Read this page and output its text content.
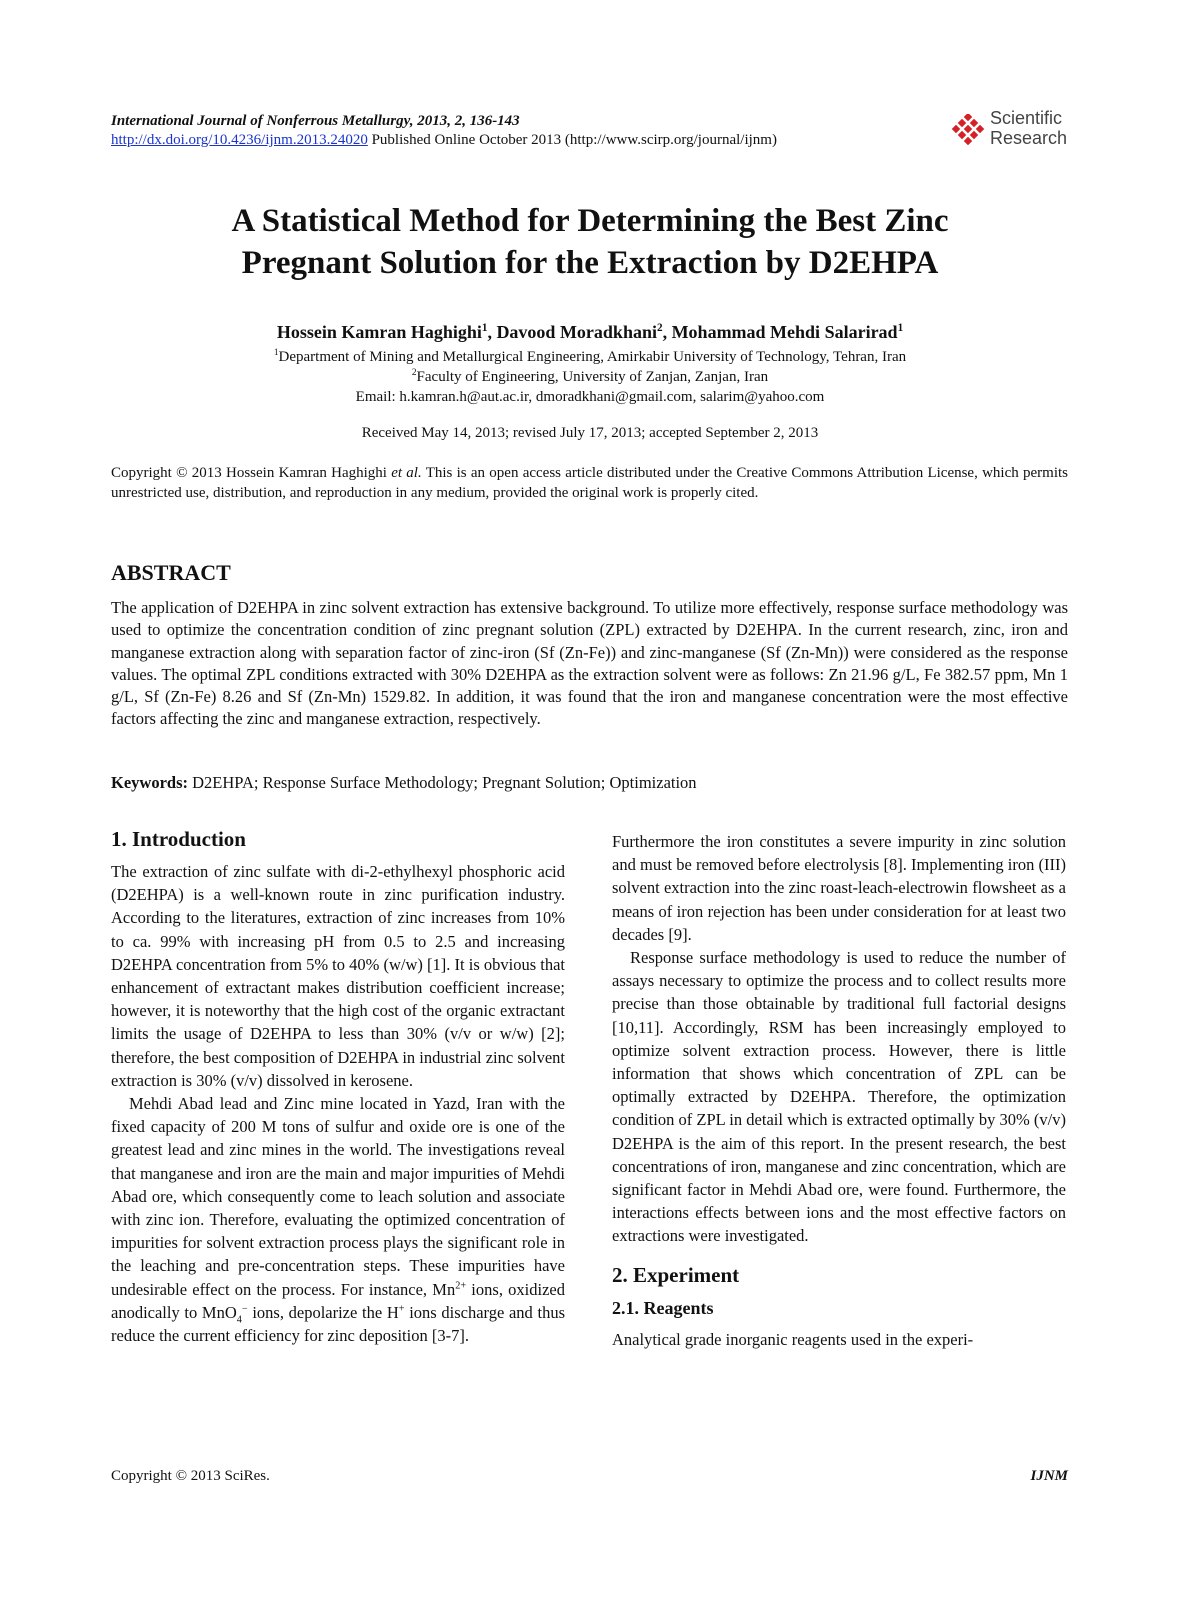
International Journal of Nonferrous Metallurgy, 2013, 2, 136-143
http://dx.doi.org/10.4236/ijnm.2013.24020 Published Online October 2013 (http://www.scirp.org/journal/ijnm)
Scientific
Research
A Statistical Method for Determining the Best Zinc
Pregnant Solution for the Extraction by D2EHPA
Hossein Kamran Haghighi$^1$, Davood Moradkhani$^2$, Mohammad Mehdi Salarirad$^1$
$^1$Department of Mining and Metallurgical Engineering, Amirkabir University of Technology, Tehran, Iran
$^2$Faculty of Engineering, University of Zanjan, Zanjan, Iran
Email: h.kamran.h@aut.ac.ir, dmoradkhani@gmail.com, salarim@yahoo.com
Received May 14, 2013; revised July 17, 2013; accepted September 2, 2013
Copyright © 2013 Hossein Kamran Haghighi et al. This is an open access article distributed under the Creative Commons Attribution License, which permits unrestricted use, distribution, and reproduction in any medium, provided the original work is properly cited.
ABSTRACT
The application of D2EHPA in zinc solvent extraction has extensive background. To utilize more effectively, response surface methodology was used to optimize the concentration condition of zinc pregnant solution (ZPL) extracted by D2EHPA. In the current research, zinc, iron and manganese extraction along with separation factor of zinc-iron (Sf (Zn-Fe)) and zinc-manganese (Sf (Zn-Mn)) were considered as the response values. The optimal ZPL conditions extracted with 30% D2EHPA as the extraction solvent were as follows: Zn 21.96 g/L, Fe 382.57 ppm, Mn 1 g/L, Sf (Zn-Fe) 8.26 and Sf (Zn-Mn) 1529.82. In addition, it was found that the iron and manganese concentration were the most effective factors affecting the zinc and manganese extraction, respectively.
Keywords: D2EHPA; Response Surface Methodology; Pregnant Solution; Optimization
1. Introduction

The extraction of zinc sulfate with di-2-ethylhexyl phosphoric acid (D2EHPA) is a well-known route in zinc purification industry. According to the literatures, extraction of zinc increases from 10% to ca. 99% with increasing pH from 0.5 to 2.5 and increasing D2EHPA concentration from 5% to 40% (w/w) [1]. It is obvious that enhancement of extractant makes distribution coefficient increase; however, it is noteworthy that the high cost of the organic extractant limits the usage of D2EHPA to less than 30% (v/v or w/w) [2]; therefore, the best composition of D2EHPA in industrial zinc solvent extraction is 30% (v/v) dissolved in kerosene.

Mehdi Abad lead and Zinc mine located in Yazd, Iran with the fixed capacity of 200 M tons of sulfur and oxide ore is one of the greatest lead and zinc mines in the world. The investigations reveal that manganese and iron are the main and major impurities of Mehdi Abad ore, which consequently come to leach solution and associate with zinc ion. Therefore, evaluating the optimized concentration of impurities for solvent extraction process plays the significant role in the leaching and pre-concentration steps. These impurities have undesirable effect on the process. For instance, $Mn^{2+}$ ions, oxidized anodically to MnO$_4$− ions, depolarize the H+ ions discharge and thus reduce the current efficiency for zinc deposition [3-7].

Furthermore the iron constitutes a severe impurity in zinc solution and must be removed before electrolysis [8]. Implementing iron (III) solvent extraction into the zinc roast-leach-electrowin flowsheet as a means of iron rejection has been under consideration for at least two decades [9].

Response surface methodology is used to reduce the number of assays necessary to optimize the process and to collect results more precise than those obtainable by traditional full factorial designs [10,11]. Accordingly, RSM has been increasingly employed to optimize solvent extraction process. However, there is little information that shows which concentration of ZPL can be optimally extracted by D2EHPA. Therefore, the optimization condition of ZPL in detail which is extracted optimally by 30% (v/v) D2EHPA is the aim of this report. In the present research, the best concentrations of iron, manganese and zinc concentration, which are significant factor in Mehdi Abad ore, were found. Furthermore, the interactions effects between ions and the most effective factors on extractions were investigated.

2. Experiment
2.1. Reagents

Analytical grade inorganic reagents used in the experi-

Copyright © 2013 SciRes.	IJNM
